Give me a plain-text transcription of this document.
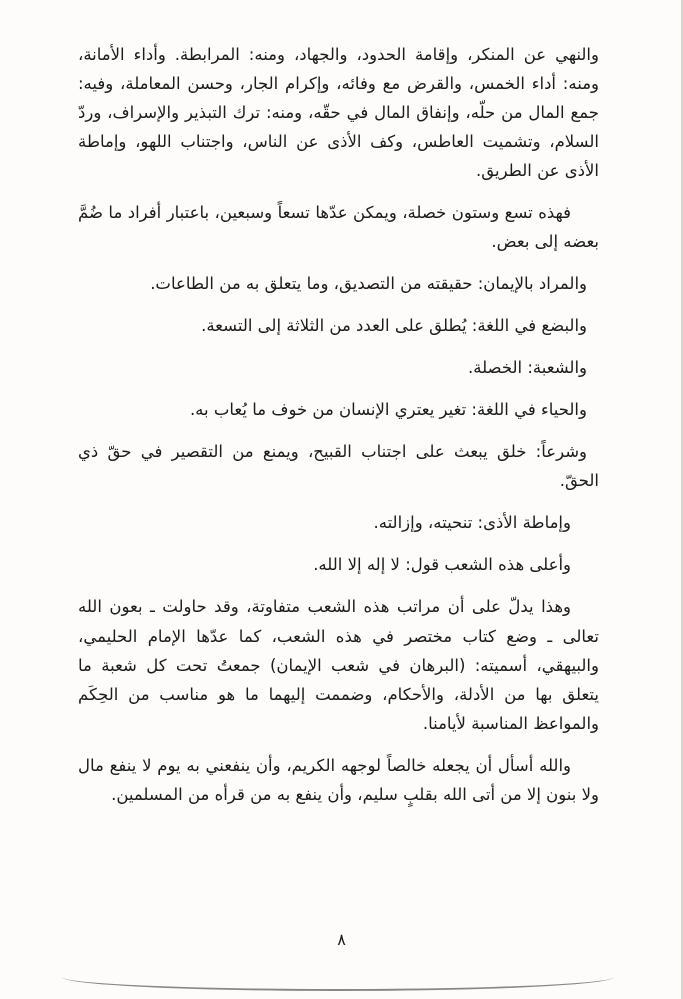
والنهي عن المنكر، وإقامة الحدود، والجهاد، ومنه: المرابطة. وأداء الأمانة، ومنه: أداء الخمس، والقرض مع وفائه، وإكرام الجار، وحسن المعاملة، وفيه: جمع المال من حلّه، وإنفاق المال في حقّه، ومنه: ترك التبذير والإسراف، وردّ السلام، وتشميت العاطس، وكف الأذى عن الناس، واجتناب اللهو، وإماطة الأذى عن الطريق.

فهذه تسع وستون خصلة، ويمكن عدّها تسعاً وسبعين، باعتبار أفراد ما ضُمَّ بعضه إلى بعض.

والمراد بالإيمان: حقيقته من التصديق، وما يتعلق به من الطاعات.

والبضع في اللغة: يُطلق على العدد من الثلاثة إلى التسعة.

والشعبة: الخصلة.

والحياء في اللغة: تغير يعتري الإنسان من خوف ما يُعاب به.

وشرعاً: خلق يبعث على اجتناب القبيح، ويمنع من التقصير في حقّ ذي الحقّ.

وإماطة الأذى: تنحيته، وإزالته.

وأعلى هذه الشعب قول: لا إله إلا الله.

وهذا يدلّ على أن مراتب هذه الشعب متفاوتة، وقد حاولت ـ بعون الله تعالى ـ وضع كتاب مختصر في هذه الشعب، كما عدّها الإمام الحليمي، والبيهقي، أسميته: (البرهان في شعب الإيمان) جمعتُ تحت كل شعبة ما يتعلق بها من الأدلة، والأحكام، وضممت إليهما ما هو مناسب من الحِكَم والمواعظ المناسبة لأيامنا.

والله أسأل أن يجعله خالصاً لوجهه الكريم، وأن ينفعني به يوم لا ينفع مال ولا بنون إلا من أتى الله بقلبٍ سليم، وأن ينفع به من قرأه من المسلمين.

٨
